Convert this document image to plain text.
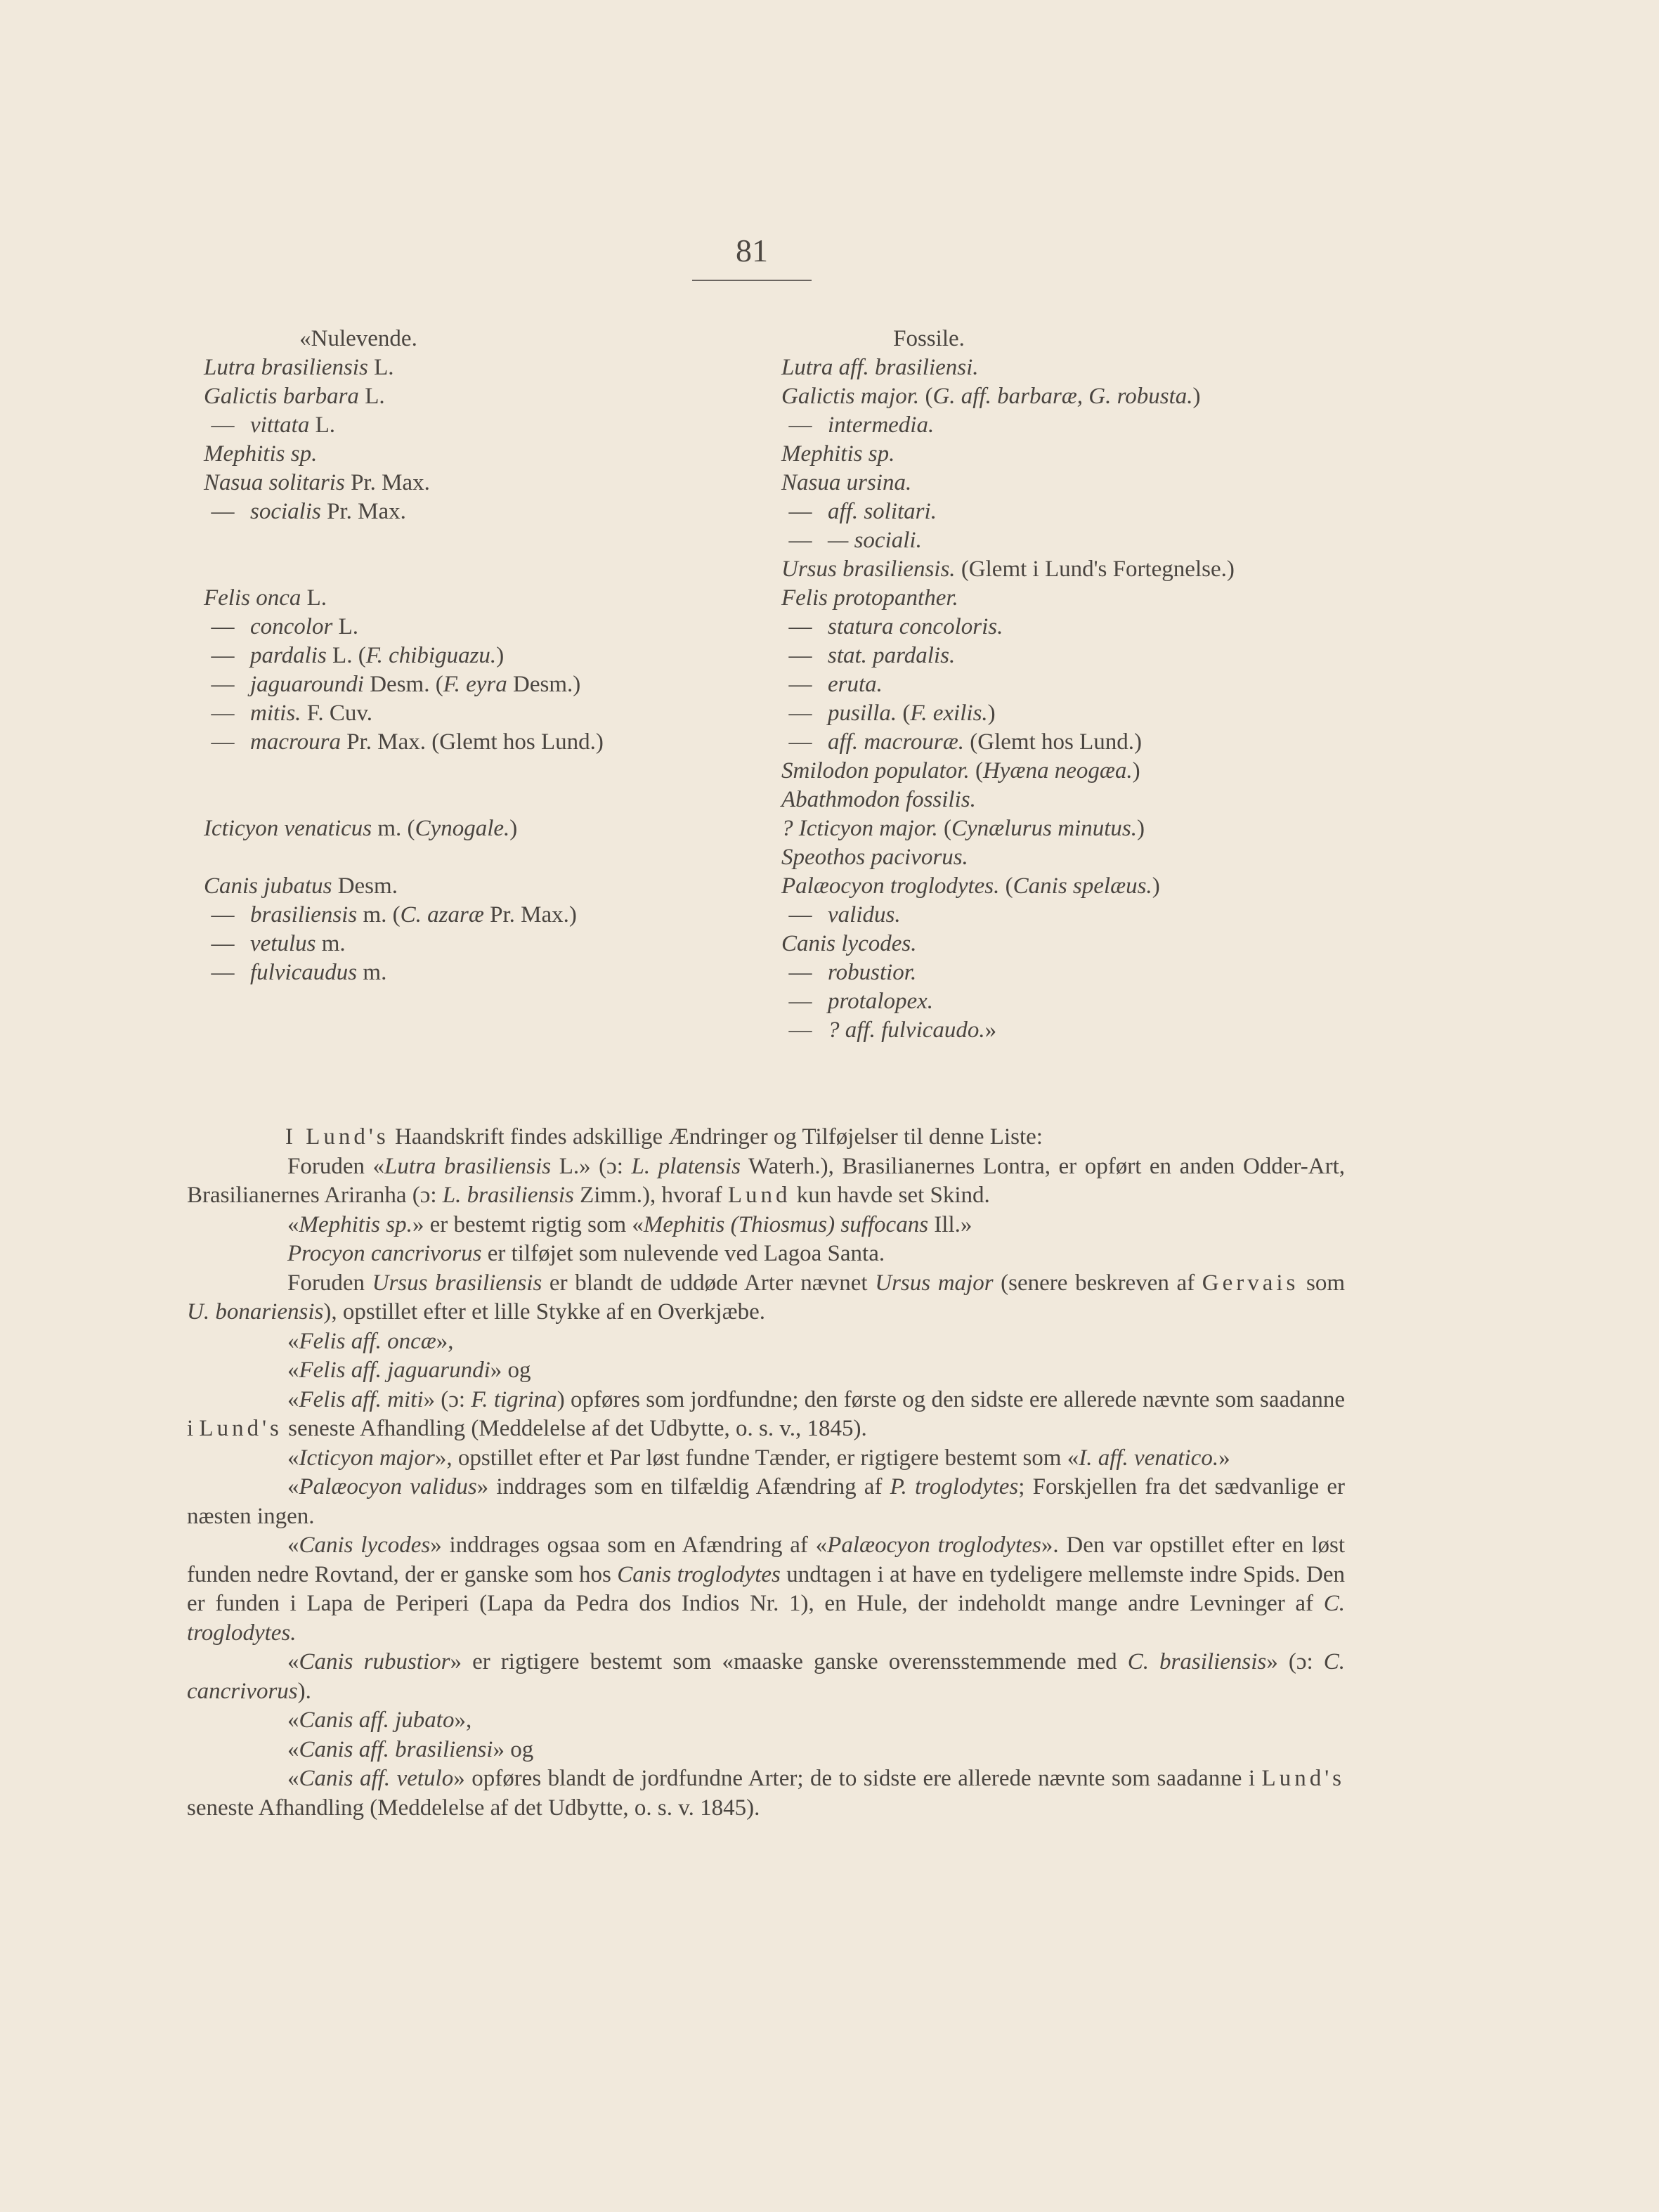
81
«Nulevende.
Lutra brasiliensis L.
Galictis barbara L.
— vittata L.
Mephitis sp.
Nasua solitaris Pr. Max.
— socialis Pr. Max.
Felis onca L.
— concolor L.
— pardalis L. (F. chibiguazu.)
— jaguaroundi Desm. (F. eyra Desm.)
— mitis. F. Cuv.
— macroura Pr. Max. (Glemt hos Lund.)
Icticyon venaticus m. (Cynogale.)
Canis jubatus Desm.
— brasiliensis m. (C. azaræ Pr. Max.)
— vetulus m.
— fulvicaudus m.
Fossile.
Lutra aff. brasiliensi.
Galictis major. (G. aff. barbaræ, G. robusta.)
— intermedia.
Mephitis sp.
Nasua ursina.
— aff. solitari.
— — sociali.
Ursus brasiliensis. (Glemt i Lund's Fortegnelse.)
Felis protopanther.
— statura concoloris.
— stat. pardalis.
— eruta.
— pusilla. (F. exilis.)
— aff. macrouræ. (Glemt hos Lund.)
Smilodon populator. (Hyæna neogæa.)
Abathmodon fossilis.
? Icticyon major. (Cynælurus minutus.)
Speothos pacivorus.
Palæocyon troglodytes. (Canis spelæus.)
— validus.
Canis lycodes.
— robustior.
— protalopex.
— ? aff. fulvicaudo.»

I Lund's Haandskrift findes adskillige Ændringer og Tilføjelser til denne Liste:

Foruden «Lutra brasiliensis L.» (ɔ: L. platensis Waterh.), Brasilianernes Lontra, er opført en anden Odder-Art, Brasilianernes Ariranha (ɔ: L. brasiliensis Zimm.), hvoraf Lund kun havde set Skind.

«Mephitis sp.» er bestemt rigtig som «Mephitis (Thiosmus) suffocans Ill.»

Procyon cancrivorus er tilføjet som nulevende ved Lagoa Santa.

Foruden Ursus brasiliensis er blandt de uddøde Arter nævnet Ursus major (senere beskreven af Gervais som U. bonariensis), opstillet efter et lille Stykke af en Overkjæbe.

«Felis aff. oncæ»,

«Felis aff. jaguarundi» og

«Felis aff. miti» (ɔ: F. tigrina) opføres som jordfundne; den første og den sidste ere allerede nævnte som saadanne i Lund's seneste Afhandling (Meddelelse af det Udbytte, o. s. v., 1845).

«Icticyon major», opstillet efter et Par løst fundne Tænder, er rigtigere bestemt som «I. aff. venatico.»

«Palæocyon validus» inddrages som en tilfældig Afændring af P. troglodytes; Forskjellen fra det sædvanlige er næsten ingen.

«Canis lycodes» inddrages ogsaa som en Afændring af «Palæocyon troglodytes». Den var opstillet efter en løst funden nedre Rovtand, der er ganske som hos Canis troglodytes undtagen i at have en tydeligere mellemste indre Spids. Den er funden i Lapa de Periperi (Lapa da Pedra dos Indios Nr. 1), en Hule, der indeholdt mange andre Levninger af C. troglodytes.

«Canis rubustior» er rigtigere bestemt som «maaske ganske overensstemmende med C. brasiliensis» (ɔ: C. cancrivorus).

«Canis aff. jubato»,

«Canis aff. brasiliensi» og

«Canis aff. vetulo» opføres blandt de jordfundne Arter; de to sidste ere allerede nævnte som saadanne i Lund's seneste Afhandling (Meddelelse af det Udbytte, o. s. v. 1845).
